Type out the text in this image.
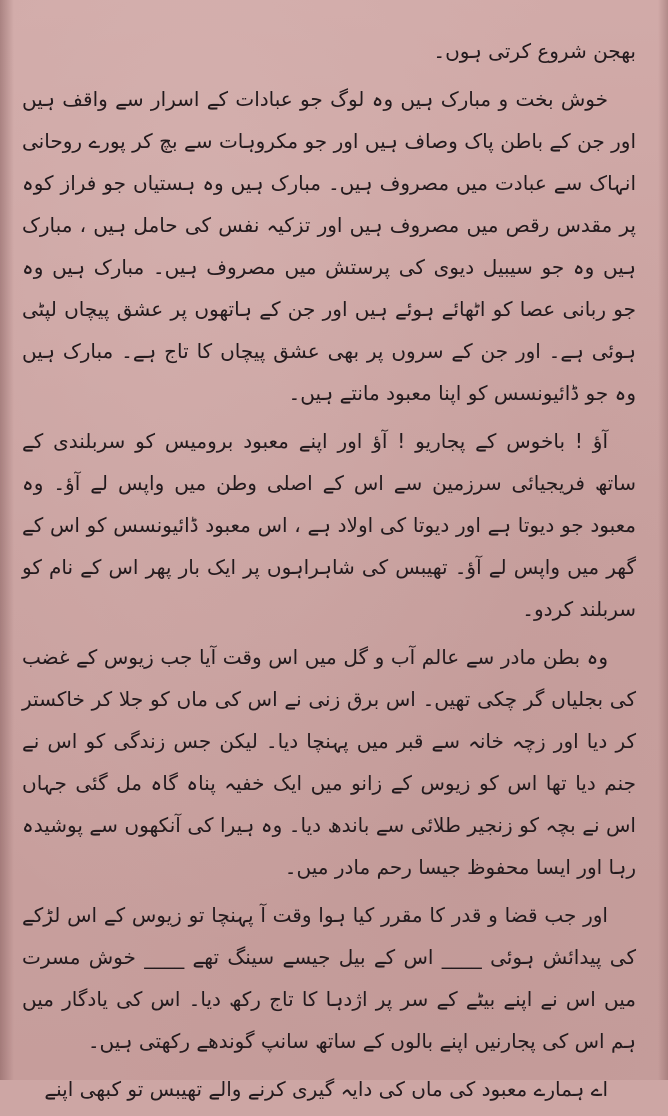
بھجن شروع کرتی ہوں۔

خوش بخت و مبارک ہیں وہ لوگ جو عبادات کے اسرار سے واقف ہیں اور جن کے باطن پاک وصاف ہیں اور جو مکروہات سے بچ کر پورے روحانی انہاک سے عبادت میں مصروف ہیں۔ مبارک ہیں وہ ہستیاں جو فراز کوہ پر مقدس رقص میں مصروف ہیں اور تزکیہ نفس کی حامل ہیں ، مبارک ہیں وہ جو سیبیل دیوی کی پرستش میں مصروف ہیں۔ مبارک ہیں وہ جو ربانی عصا کو اٹھائے ہوئے ہیں اور جن کے ہاتھوں پر عشق پیچاں لپٹی ہوئی ہے۔ اور جن کے سروں پر بھی عشق پیچاں کا تاج ہے۔ مبارک ہیں وہ جو ڈائیونسس کو اپنا معبود مانتے ہیں۔

آؤ ! باخوس کے پجاریو ! آؤ اور اپنے معبود برومیس کو سربلندی کے ساتھ فریجیائی سرزمین سے اس کے اصلی وطن میں واپس لے آؤ۔ وہ معبود جو دیوتا ہے اور دیوتا کی اولاد ہے ، اس معبود ڈائیونسس کو اس کے گھر میں واپس لے آؤ۔ تھیبس کی شاہراہوں پر ایک بار پھر اس کے نام کو سربلند کردو۔

وہ بطن مادر سے عالم آب و گل میں اس وقت آیا جب زیوس کے غضب کی بجلیاں گر چکی تھیں۔ اس برق زنی نے اس کی ماں کو جلا کر خاکستر کر دیا اور زچہ خانہ سے قبر میں پہنچا دیا۔ لیکن جس زندگی کو اس نے جنم دیا تھا اس کو زیوس کے زانو میں ایک خفیہ پناہ گاہ مل گئی جہاں اس نے بچہ کو زنجیر طلائی سے باندھ دیا۔ وہ ہیرا کی آنکھوں سے پوشیدہ رہا اور ایسا محفوظ جیسا رحم مادر میں۔

اور جب قضا و قدر کا مقرر کیا ہوا وقت آ پہنچا تو زیوس کے اس لڑکے کی پیدائش ہوئی ____ اس کے بیل جیسے سینگ تھے ____ خوش مسرت میں اس نے اپنے بیٹے کے سر پر اژدہا کا تاج رکھ دیا۔ اس کی یادگار میں ہم اس کی پجارنیں اپنے بالوں کے ساتھ سانپ گوندھے رکھتی ہیں۔

اے ہمارے معبود کی ماں کی دایہ گیری کرنے والے تھیبس تو کبھی اپنے
